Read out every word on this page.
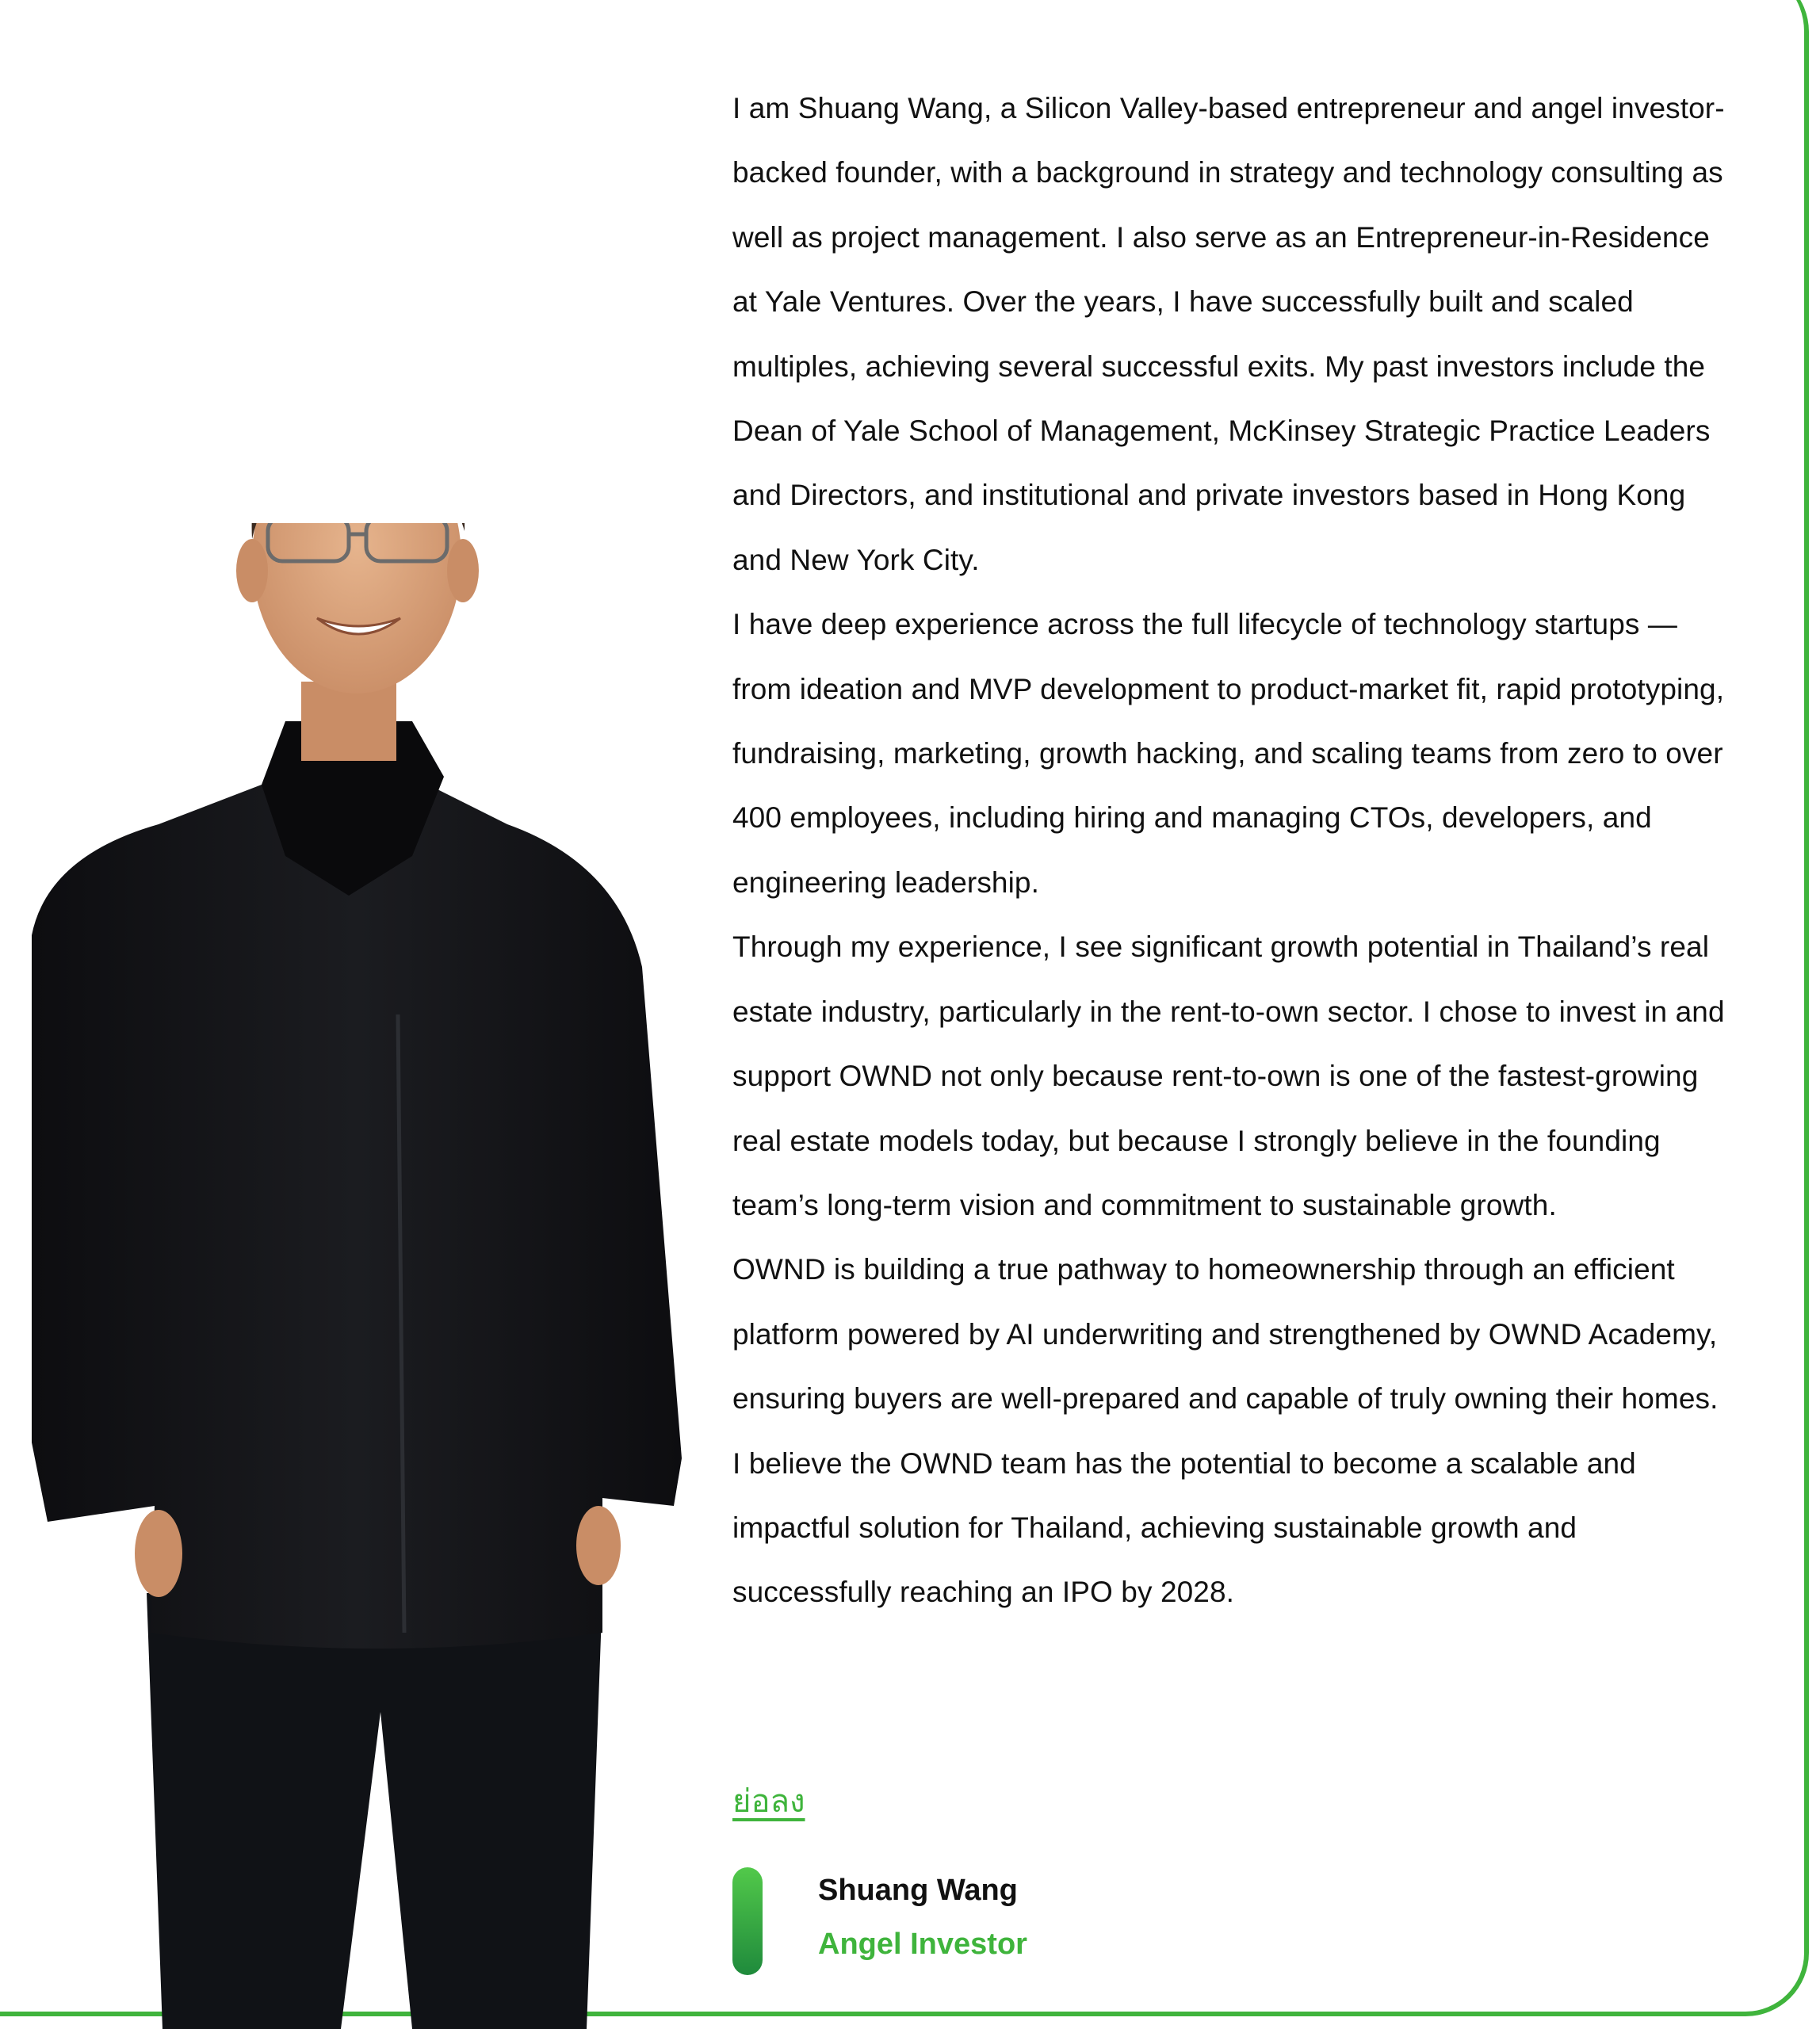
I am Shuang Wang, a Silicon Valley-based entrepreneur and angel investor-backed founder, with a background in strategy and technology consulting as well as project management. I also serve as an Entrepreneur-in-Residence at Yale Ventures. Over the years, I have successfully built and scaled multiples, achieving several successful exits. My past investors include the Dean of Yale School of Management, McKinsey Strategic Practice Leaders and Directors, and institutional and private investors based in Hong Kong and New York City.

I have deep experience across the full lifecycle of technology startups — from ideation and MVP development to product-market fit, rapid prototyping, fundraising, marketing, growth hacking, and scaling teams from zero to over 400 employees, including hiring and managing CTOs, developers, and engineering leadership.

Through my experience, I see significant growth potential in Thailand’s real estate industry, particularly in the rent-to-own sector. I chose to invest in and support OWND not only because rent-to-own is one of the fastest-growing real estate models today, but because I strongly believe in the founding team’s long-term vision and commitment to sustainable growth.

OWND is building a true pathway to homeownership through an efficient platform powered by AI underwriting and strengthened by OWND Academy, ensuring buyers are well-prepared and capable of truly owning their homes. I believe the OWND team has the potential to become a scalable and impactful solution for Thailand, achieving sustainable growth and successfully reaching an IPO by 2028.

ย่อลง
Shuang Wang
Angel Investor
